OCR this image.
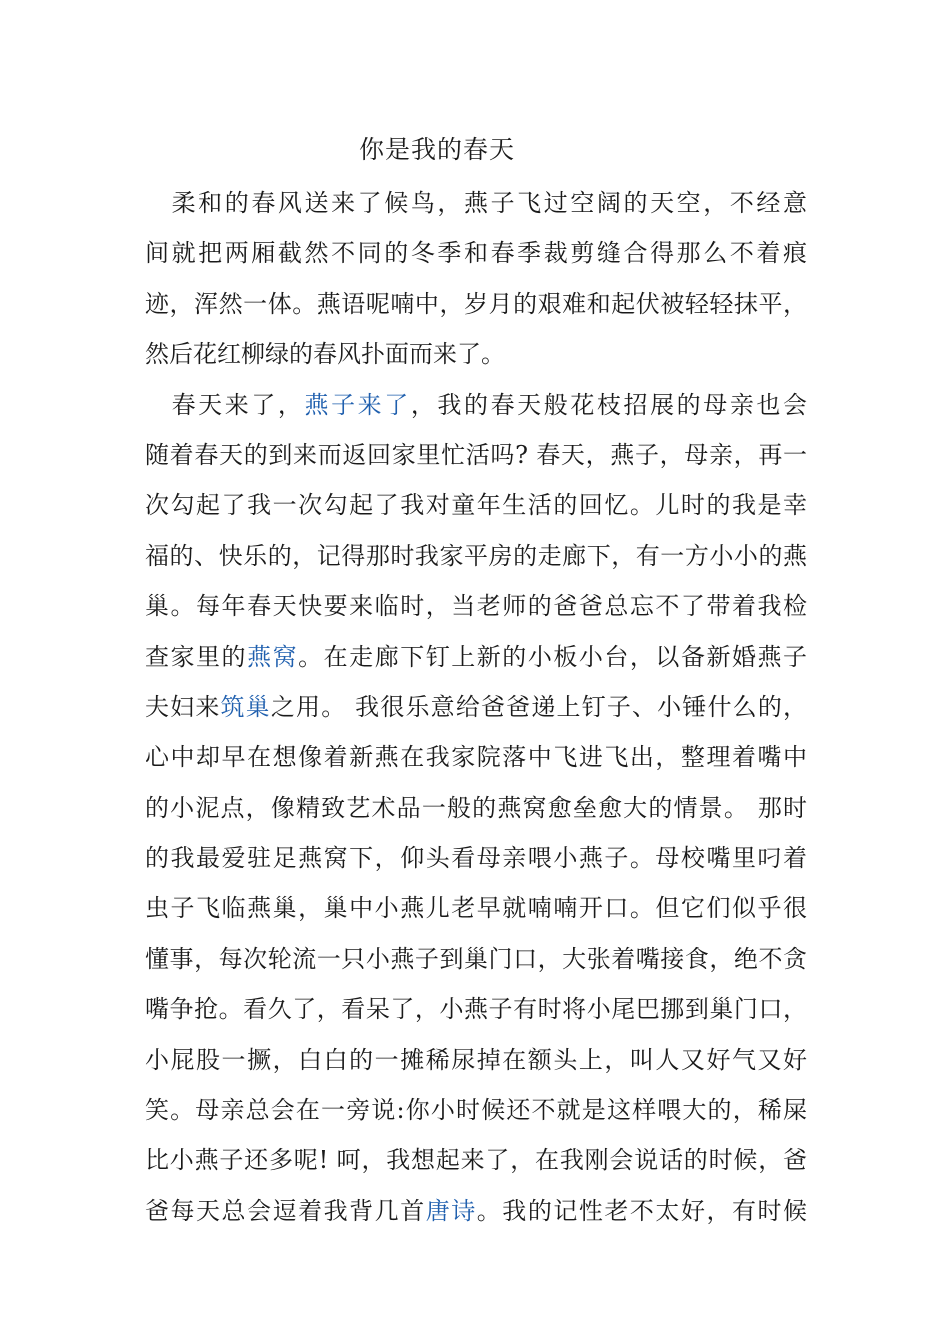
你是我的春天
　柔和的春风送来了候鸟，燕子飞过空阔的天空，不经意
间就把两厢截然不同的冬季和春季裁剪缝合得那么不着痕
迹，浑然一体。燕语呢喃中，岁月的艰难和起伏被轻轻抹平，
然后花红柳绿的春风扑面而来了。
　春天来了，燕子来了，我的春天般花枝招展的母亲也会
随着春天的到来而返回家里忙活吗? 春天，燕子，母亲，再一
次勾起了我一次勾起了我对童年生活的回忆。儿时的我是幸
福的、快乐的，记得那时我家平房的走廊下，有一方小小的燕
巢。每年春天快要来临时，当老师的爸爸总忘不了带着我检
查家里的燕窝。在走廊下钉上新的小板小台，以备新婚燕子
夫妇来筑巢之用。 我很乐意给爸爸递上钉子、小锤什么的，
心中却早在想像着新燕在我家院落中飞进飞出，整理着嘴中
的小泥点，像精致艺术品一般的燕窝愈垒愈大的情景。 那时
的我最爱驻足燕窝下，仰头看母亲喂小燕子。母校嘴里叼着
虫子飞临燕巢，巢中小燕儿老早就喃喃开口。但它们似乎很
懂事，每次轮流一只小燕子到巢门口，大张着嘴接食，绝不贪
嘴争抢。看久了，看呆了，小燕子有时将小尾巴挪到巢门口，
小屁股一撅，白白的一摊稀尿掉在额头上，叫人又好气又好
笑。母亲总会在一旁说:你小时候还不就是这样喂大的，稀屎
比小燕子还多呢! 呵，我想起来了，在我刚会说话的时候，爸
爸每天总会逗着我背几首唐诗。我的记性老不太好，有时候
